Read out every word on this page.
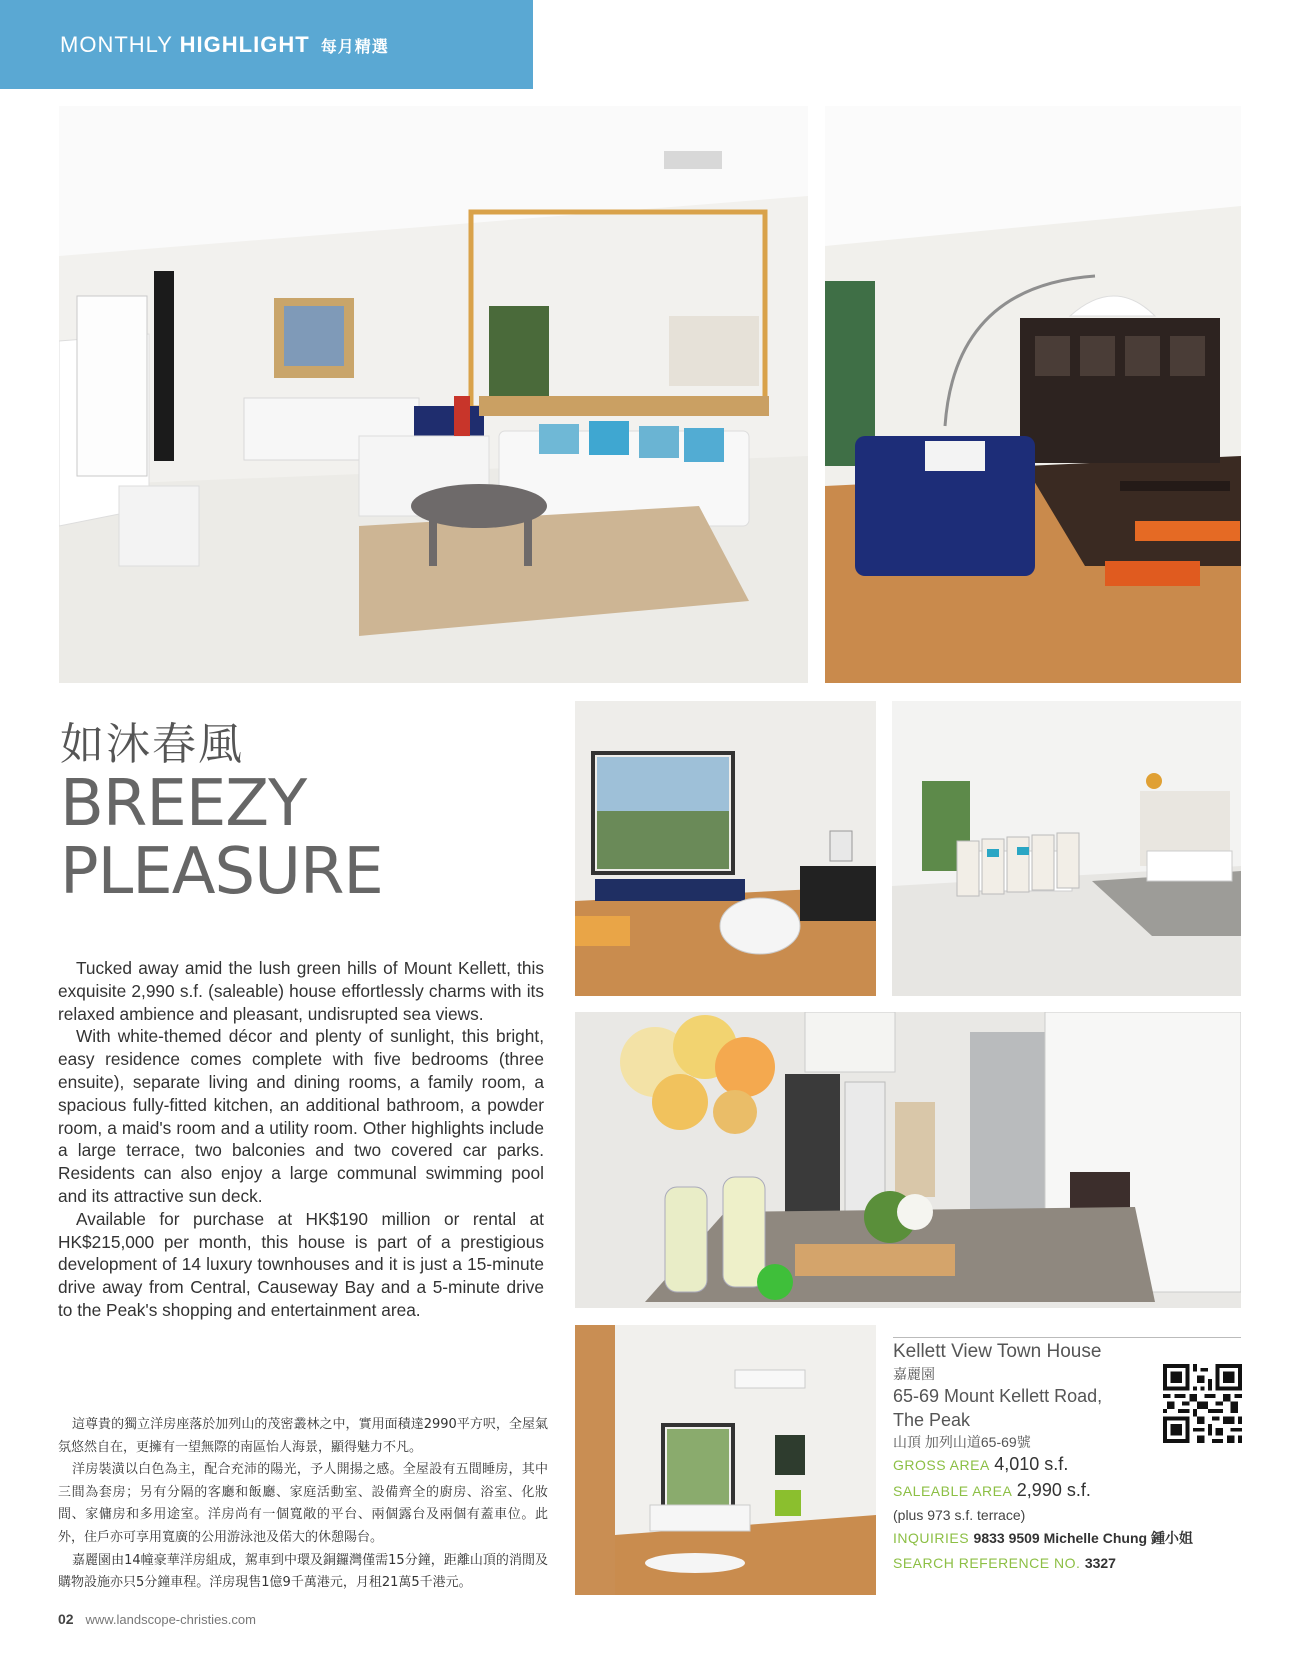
MONTHLY HIGHLIGHT 每月精選
如沐春風
BREEZY
PLEASURE

Tucked away amid the lush green hills of Mount Kellett, this exquisite 2,990 s.f. (saleable) house effortlessly charms with its relaxed ambience and pleasant, undisrupted sea views.

With white-themed décor and plenty of sunlight, this bright, easy residence comes complete with five bedrooms (three ensuite), separate living and dining rooms, a family room, a spacious fully-fitted kitchen, an additional bathroom, a powder room, a maid's room and a utility room. Other highlights include a large terrace, two balconies and two covered car parks. Residents can also enjoy a large communal swimming pool and its attractive sun deck.

Available for purchase at HK$190 million or rental at HK$215,000 per month, this house is part of a prestigious development of 14 luxury townhouses and it is just a 15-minute drive away from Central, Causeway Bay and a 5-minute drive to the Peak's shopping and entertainment area.

這尊貴的獨立洋房座落於加列山的茂密叢林之中，實用面積達2990平方呎，全屋氣氛悠然自在，更擁有一望無際的南區怡人海景，顯得魅力不凡。

洋房裝潢以白色為主，配合充沛的陽光，予人開揚之感。全屋設有五間睡房，其中三間為套房；另有分隔的客廳和飯廳、家庭活動室、設備齊全的廚房、浴室、化妝間、家傭房和多用途室。洋房尚有一個寬敞的平台、兩個露台及兩個有蓋車位。此外，住戶亦可享用寬廣的公用游泳池及偌大的休憩陽台。

嘉麗園由14幢豪華洋房組成，駕車到中環及銅鑼灣僅需15分鐘，距離山頂的消閒及購物設施亦只5分鐘車程。洋房現售1億9千萬港元，月租21萬5千港元。

Kellett View Town House
嘉麗園
65-69 Mount Kellett Road,
The Peak
山頂 加列山道65-69號
GROSS AREA 4,010 s.f.
SALEABLE AREA 2,990 s.f.
(plus 973 s.f. terrace)
INQUIRIES 9833 9509 Michelle Chung 鍾小姐
SEARCH REFERENCE NO. 3327
02 www.landscope-christies.com
